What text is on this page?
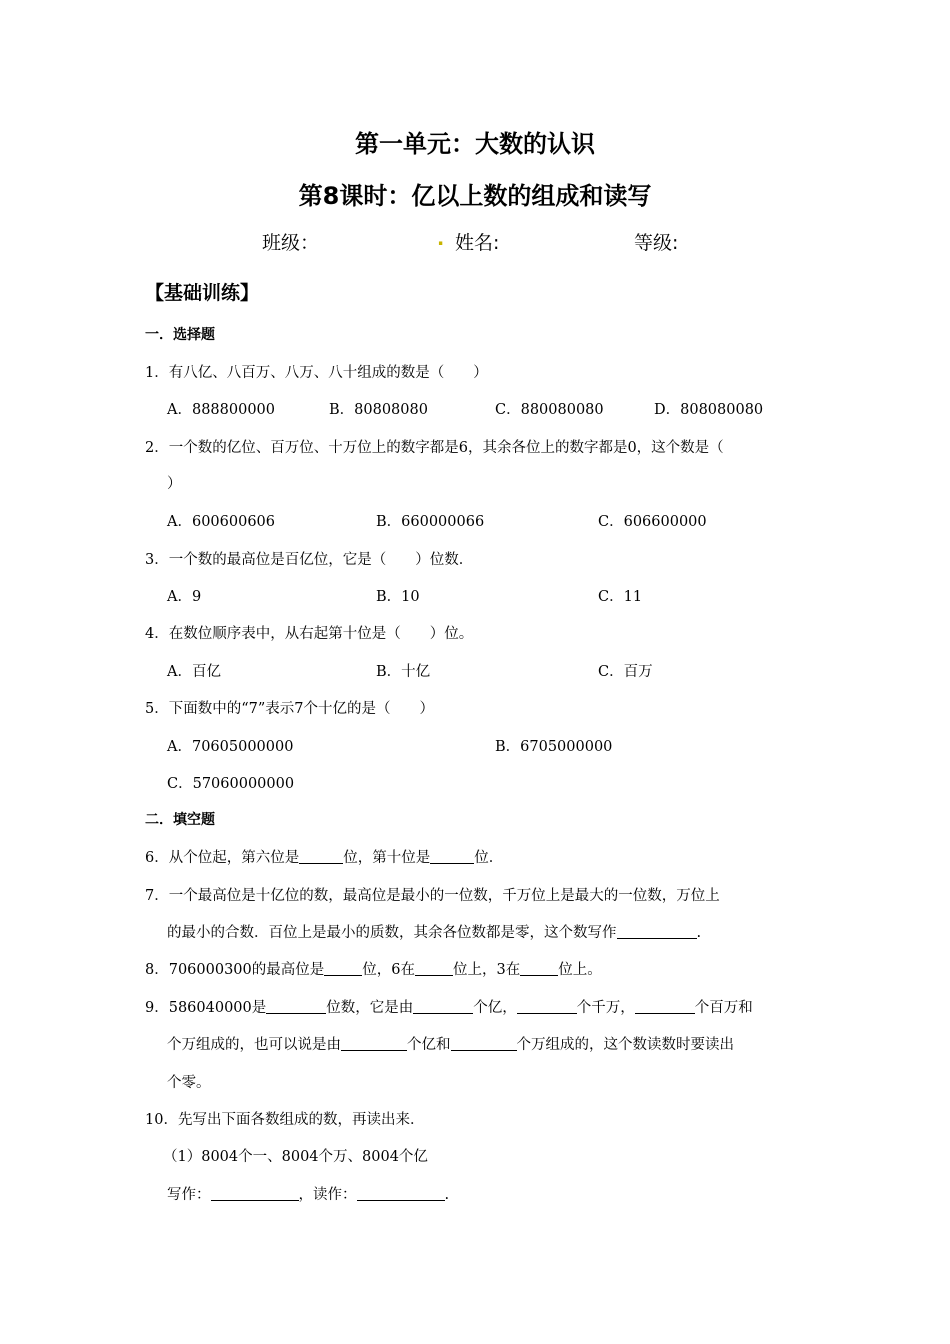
第一单元：大数的认识
第8课时：亿以上数的组成和读写
班级：	. 姓名:	等级:
【基础训练】
一．选择题
1．有八亿、八百万、八万、八十组成的数是（　　）
A．888800000	B．80808080	C．880080080	D．808080080
2．一个数的亿位、百万位、十万位上的数字都是6，其余各位上的数字都是0，这个数是（
）
A．600600606	B．660000066	C．606600000
3．一个数的最高位是百亿位，它是（　　）位数．
A．9	B．10	C．11
4．在数位顺序表中，从右起第十位是（　　）位。
A．百亿	B．十亿	C．百万
5．下面数中的“7”表示7个十亿的是（　　）
A．70605000000	B．6705000000
C．57060000000
二．填空题
6．从个位起，第六位是	位，第十位是	位．
7．一个最高位是十亿位的数，最高位是最小的一位数，千万位上是最大的一位数，万位上
的最小的合数．百位上是最小的质数，其余各位数都是零，这个数写作	.
8．706000300的最高位是	位，6在	位上，3在	位上。
9．586040000是	位数，它是由	个亿，	个千万，	个百万和
个万组成的，也可以说是由	个亿和	个万组成的，这个数读数时要读出
个零。
10．先写出下面各数组成的数，再读出来．
（1）8004个一、8004个万、8004个亿
写作：	，读作：	.
